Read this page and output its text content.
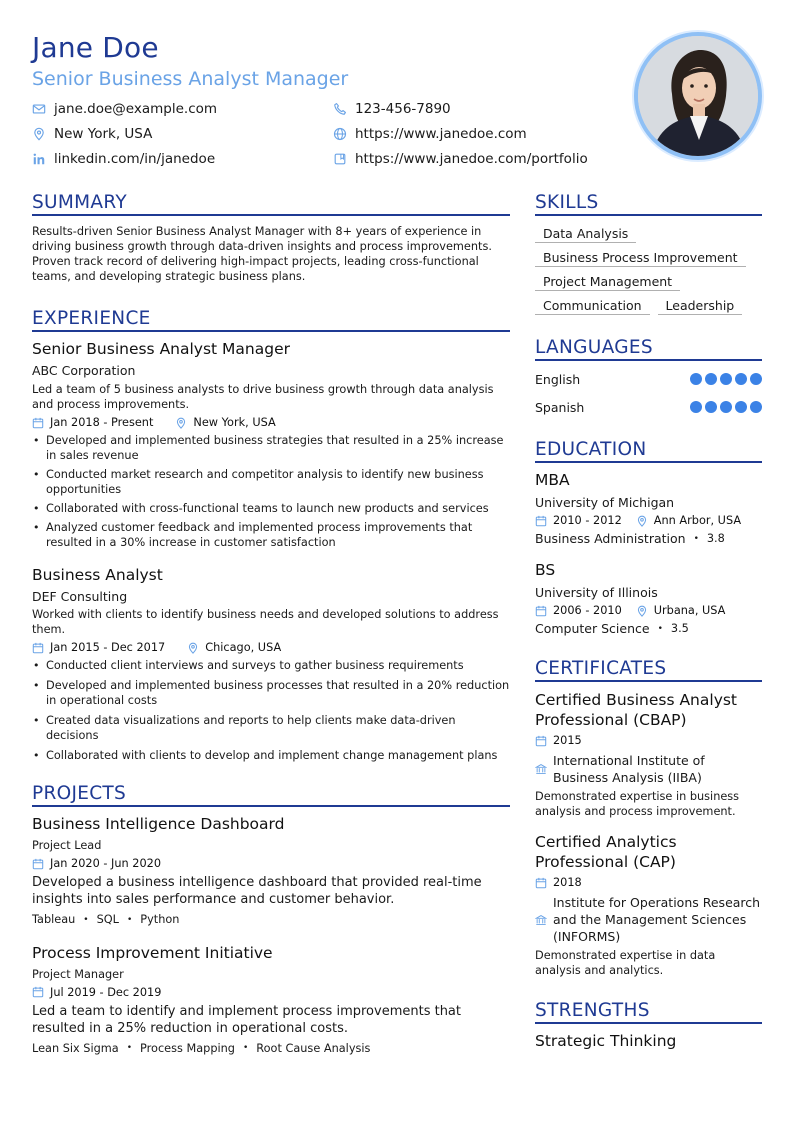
Jane Doe
Senior Business Analyst Manager
jane.doe@example.com	123-456-7890
New York, USA	https://www.janedoe.com
linkedin.com/in/janedoe	https://www.janedoe.com/portfolio
SUMMARY
Results-driven Senior Business Analyst Manager with 8+ years of experience in driving business growth through data-driven insights and process improvements. Proven track record of delivering high-impact projects, leading cross-functional teams, and developing strategic business plans.
EXPERIENCE
Senior Business Analyst Manager
ABC Corporation
Led a team of 5 business analysts to drive business growth through data analysis and process improvements.
Jan 2018 - Present	New York, USA
• Developed and implemented business strategies that resulted in a 25% increase in sales revenue
• Conducted market research and competitor analysis to identify new business opportunities
• Collaborated with cross-functional teams to launch new products and services
• Analyzed customer feedback and implemented process improvements that resulted in a 30% increase in customer satisfaction
Business Analyst
DEF Consulting
Worked with clients to identify business needs and developed solutions to address them.
Jan 2015 - Dec 2017	Chicago, USA
• Conducted client interviews and surveys to gather business requirements
• Developed and implemented business processes that resulted in a 20% reduction in operational costs
• Created data visualizations and reports to help clients make data-driven decisions
• Collaborated with clients to develop and implement change management plans
PROJECTS
Business Intelligence Dashboard
Project Lead
Jan 2020 - Jun 2020
Developed a business intelligence dashboard that provided real-time insights into sales performance and customer behavior.
Tableau • SQL • Python
Process Improvement Initiative
Project Manager
Jul 2019 - Dec 2019
Led a team to identify and implement process improvements that resulted in a 25% reduction in operational costs.
Lean Six Sigma • Process Mapping • Root Cause Analysis
SKILLS
Data Analysis
Business Process Improvement
Project Management
Communication Leadership
LANGUAGES
English
Spanish
EDUCATION
MBA
University of Michigan
2010 - 2012	Ann Arbor, USA
Business Administration • 3.8
BS
University of Illinois
2006 - 2010	Urbana, USA
Computer Science • 3.5
CERTIFICATES
Certified Business Analyst Professional (CBAP)
2015
International Institute of Business Analysis (IIBA)
Demonstrated expertise in business analysis and process improvement.
Certified Analytics Professional (CAP)
2018
Institute for Operations Research and the Management Sciences (INFORMS)
Demonstrated expertise in data analysis and analytics.
STRENGTHS
Strategic Thinking
